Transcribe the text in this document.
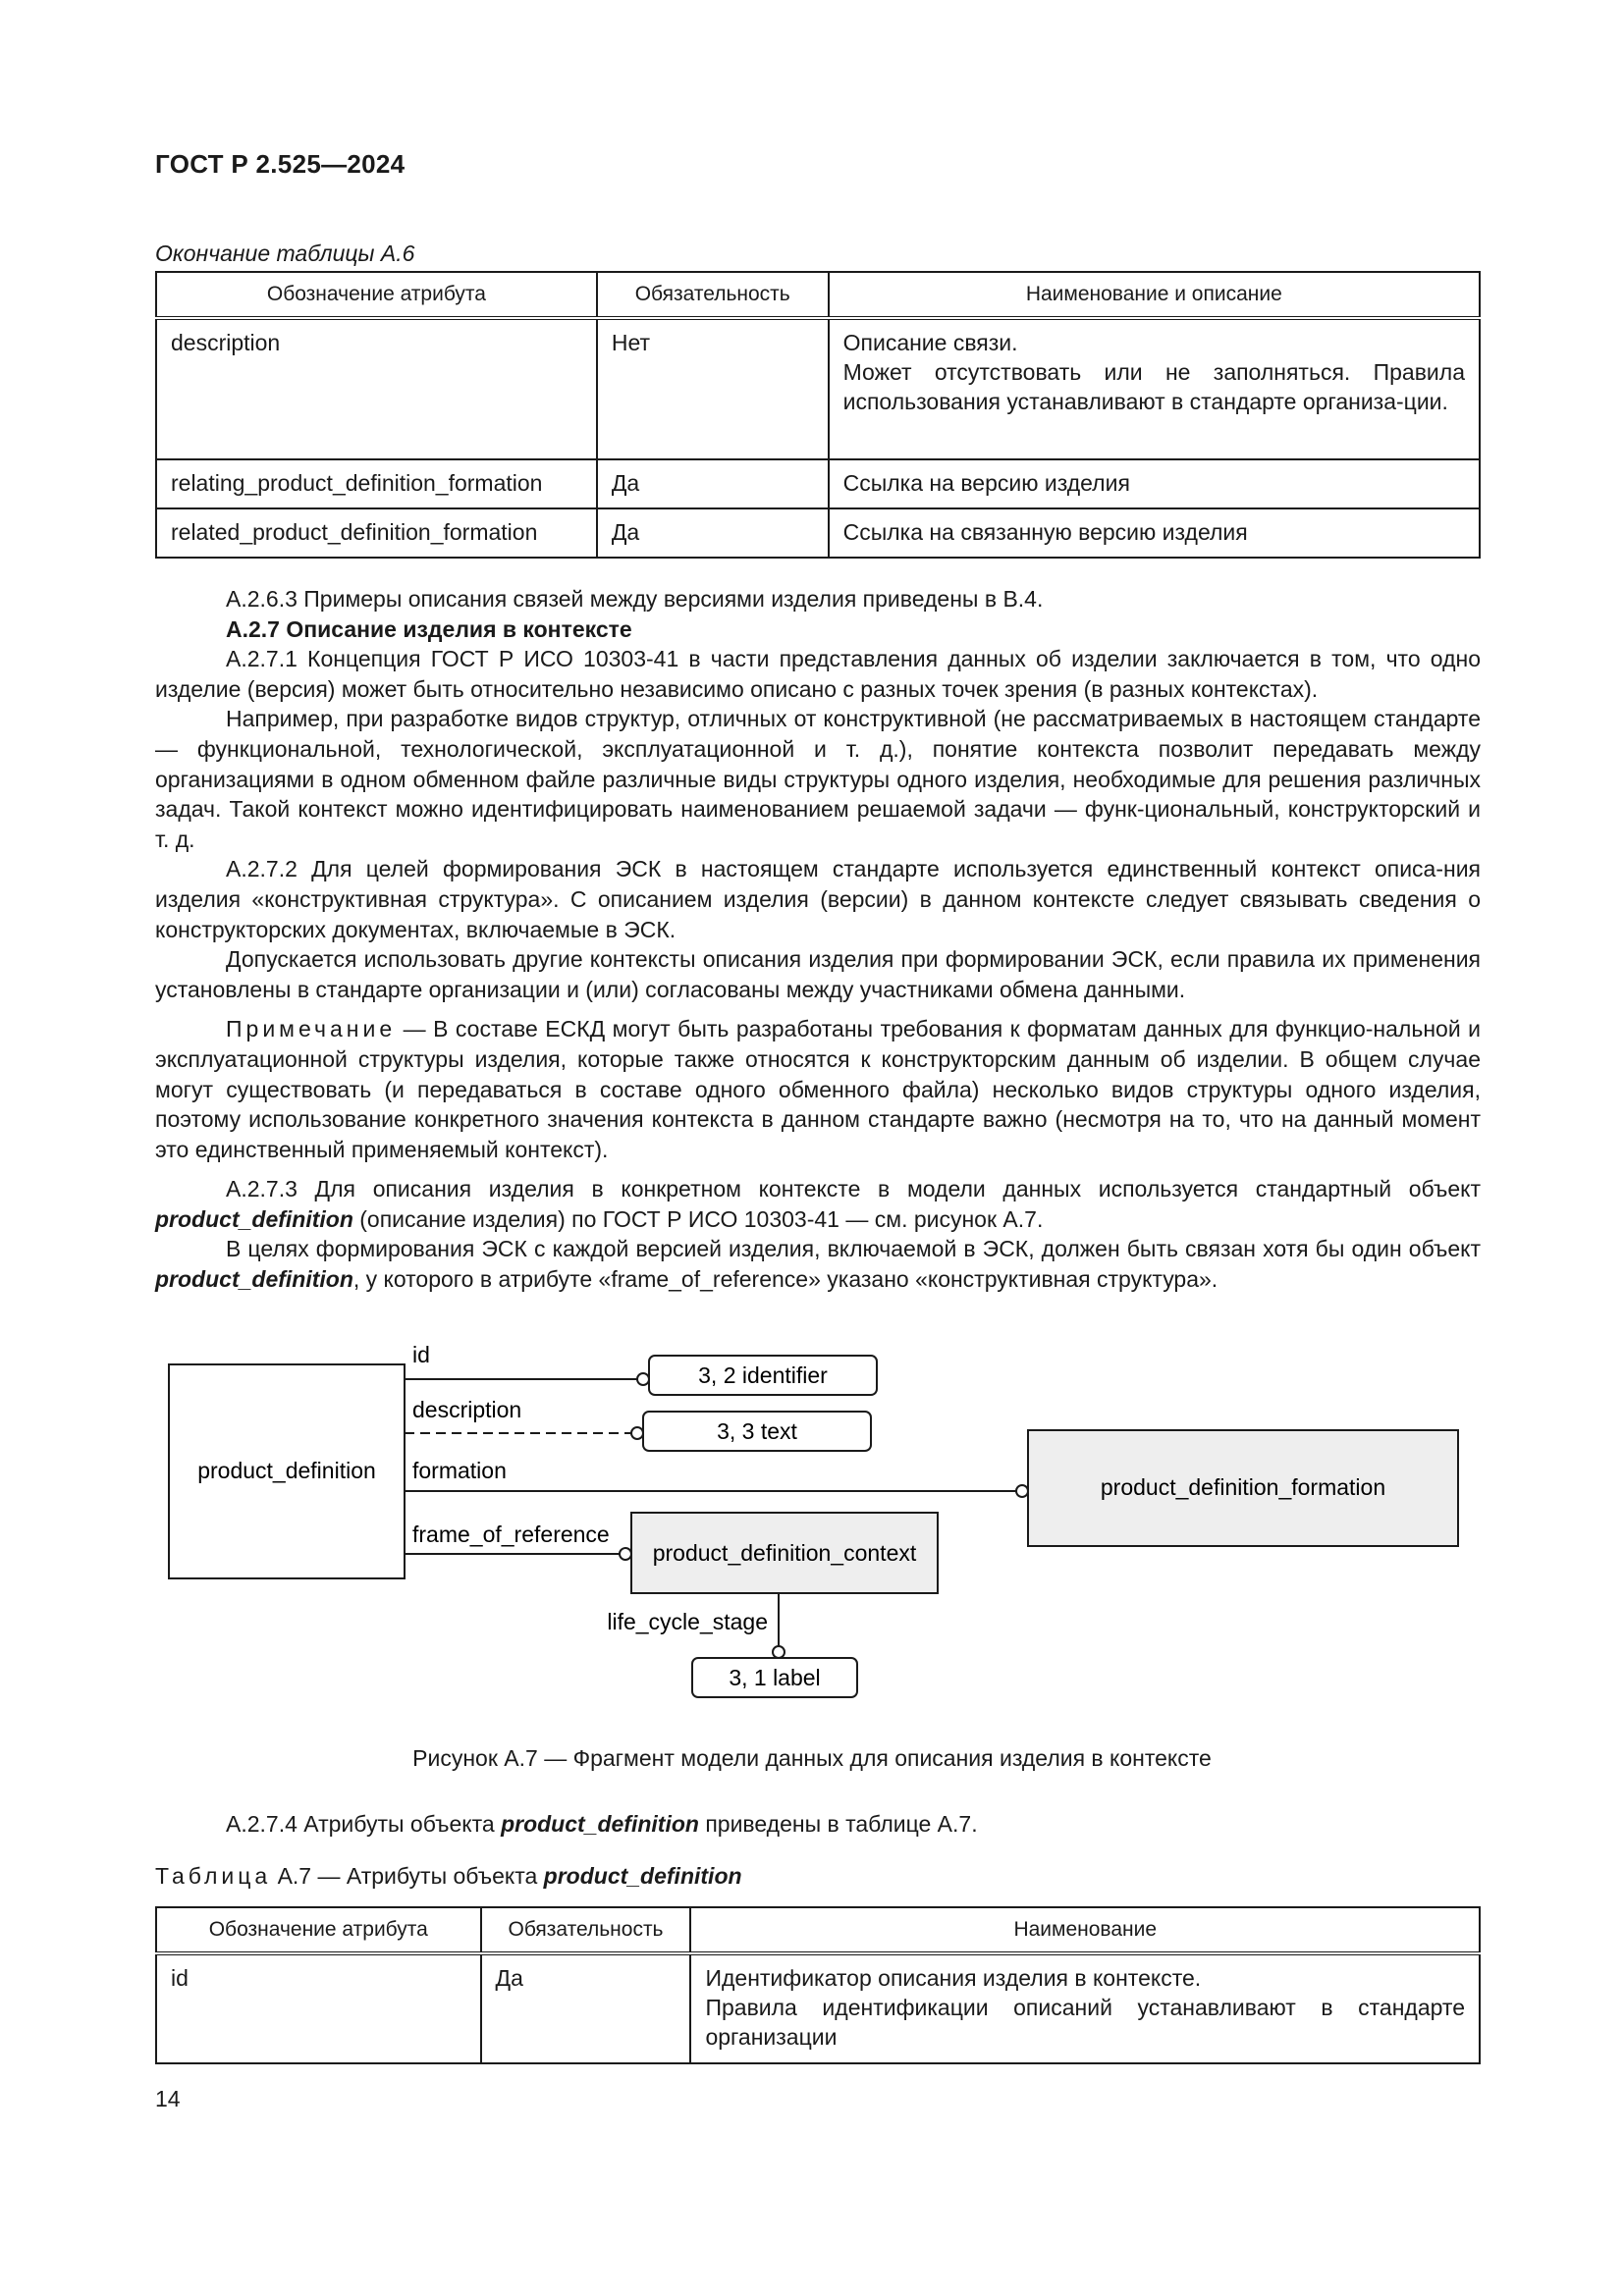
ГОСТ Р 2.525—2024
Окончание таблицы А.6
Обозначение атрибута	Обязательность	Наименование и описание
description	Нет	Описание связи.
Может отсутствовать или не заполняться. Правила использования устанавливают в стандарте организа-ции.

relating_product_definition_formation	Да	Ссылка на версию изделия
related_product_definition_formation	Да	Ссылка на связанную версию изделия

А.2.6.3 Примеры описания связей между версиями изделия приведены в В.4.

А.2.7 Описание изделия в контексте

А.2.7.1 Концепция ГОСТ Р ИСО 10303-41 в части представления данных об изделии заключается в том, что одно изделие (версия) может быть относительно независимо описано с разных точек зрения (в разных контекстах).

Например, при разработке видов структур, отличных от конструктивной (не рассматриваемых в настоящем стандарте — функциональной, технологической, эксплуатационной и т. д.), понятие контекста позволит передавать между организациями в одном обменном файле различные виды структуры одного изделия, необходимые для решения различных задач. Такой контекст можно идентифицировать наименованием решаемой задачи — функ-циональный, конструкторский и т. д.

А.2.7.2 Для целей формирования ЭСК в настоящем стандарте используется единственный контекст описа-ния изделия «конструктивная структура». С описанием изделия (версии) в данном контексте следует связывать сведения о конструкторских документах, включаемые в ЭСК.

Допускается использовать другие контексты описания изделия при формировании ЭСК, если правила их применения установлены в стандарте организации и (или) согласованы между участниками обмена данными.

Примечание — В составе ЕСКД могут быть разработаны требования к форматам данных для функцио-нальной и эксплуатационной структуры изделия, которые также относятся к конструкторским данным об изделии. В общем случае могут существовать (и передаваться в составе одного обменного файла) несколько видов структуры одного изделия, поэтому использование конкретного значения контекста в данном стандарте важно (несмотря на то, что на данный момент это единственный применяемый контекст).

А.2.7.3 Для описания изделия в конкретном контексте в модели данных используется стандартный объект product_definition (описание изделия) по ГОСТ Р ИСО 10303-41 — см. рисунок А.7.

В целях формирования ЭСК с каждой версией изделия, включаемой в ЭСК, должен быть связан хотя бы один объект product_definition, у которого в атрибуте «frame_of_reference» указано «конструктивная структура».

product_definition
id
3, 2 identifier
description
3, 3 text
formation
product_definition_formation
frame_of_reference
product_definition_context
life_cycle_stage
3, 1 label
Рисунок А.7 — Фрагмент модели данных для описания изделия в контексте

А.2.7.4 Атрибуты объекта product_definition приведены в таблице А.7.

Таблица А.7 — Атрибуты объекта product_definition
Обозначение атрибута	Обязательность	Наименование
id	Да	Идентификатор описания изделия в контексте.
Правила идентификации описаний устанавливают в стандарте организации
14
